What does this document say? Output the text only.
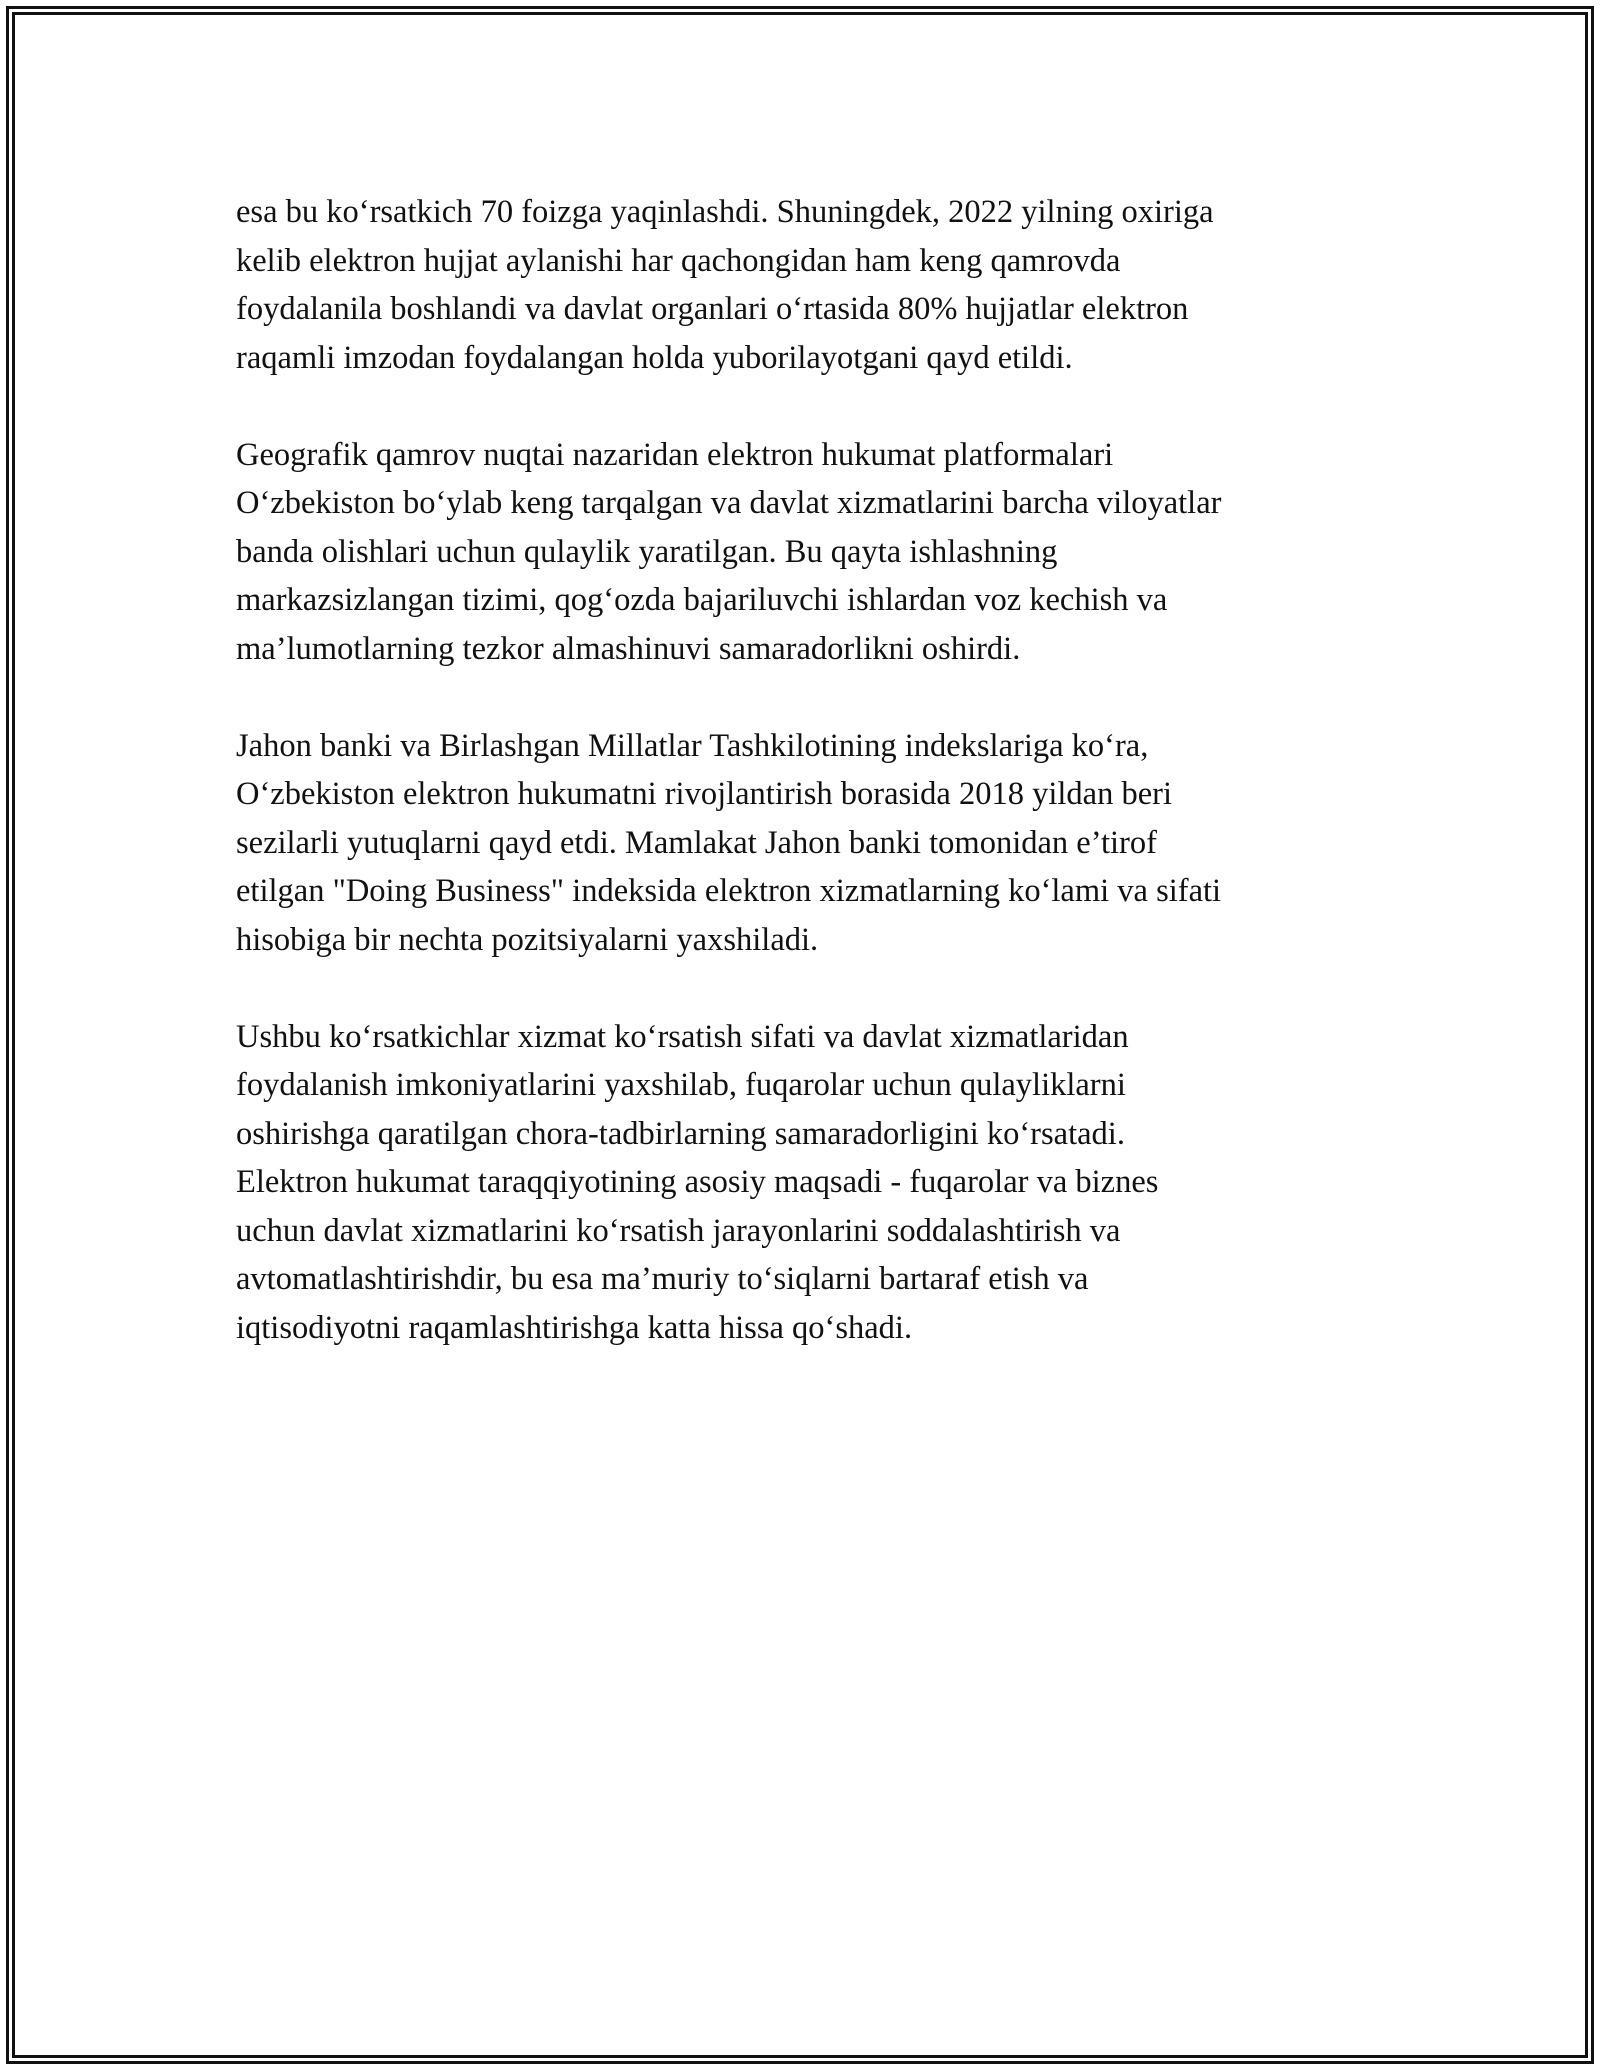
esa bu koʻrsatkich 70 foizga yaqinlashdi. Shuningdek, 2022 yilning oxiriga
kelib elektron hujjat aylanishi har qachongidan ham keng qamrovda
foydalanila boshlandi va davlat organlari oʻrtasida 80% hujjatlar elektron
raqamli imzodan foydalangan holda yuborilayotgani qayd etildi.

Geografik qamrov nuqtai nazaridan elektron hukumat platformalari
Oʻzbekiston boʻylab keng tarqalgan va davlat xizmatlarini barcha viloyatlar
banda olishlari uchun qulaylik yaratilgan. Bu qayta ishlashning
markazsizlangan tizimi, qogʻozda bajariluvchi ishlardan voz kechish va
ma’lumotlarning tezkor almashinuvi samaradorlikni oshirdi.

Jahon banki va Birlashgan Millatlar Tashkilotining indekslariga koʻra,
Oʻzbekiston elektron hukumatni rivojlantirish borasida 2018 yildan beri
sezilarli yutuqlarni qayd etdi. Mamlakat Jahon banki tomonidan e’tirof
etilgan "Doing Business" indeksida elektron xizmatlarning koʻlami va sifati
hisobiga bir nechta pozitsiyalarni yaxshiladi.

Ushbu koʻrsatkichlar xizmat koʻrsatish sifati va davlat xizmatlaridan
foydalanish imkoniyatlarini yaxshilab, fuqarolar uchun qulayliklarni
oshirishga qaratilgan chora-tadbirlarning samaradorligini koʻrsatadi.
Elektron hukumat taraqqiyotining asosiy maqsadi - fuqarolar va biznes
uchun davlat xizmatlarini koʻrsatish jarayonlarini soddalashtirish va
avtomatlashtirishdir, bu esa ma’muriy toʻsiqlarni bartaraf etish va
iqtisodiyotni raqamlashtirishga katta hissa qoʻshadi.
